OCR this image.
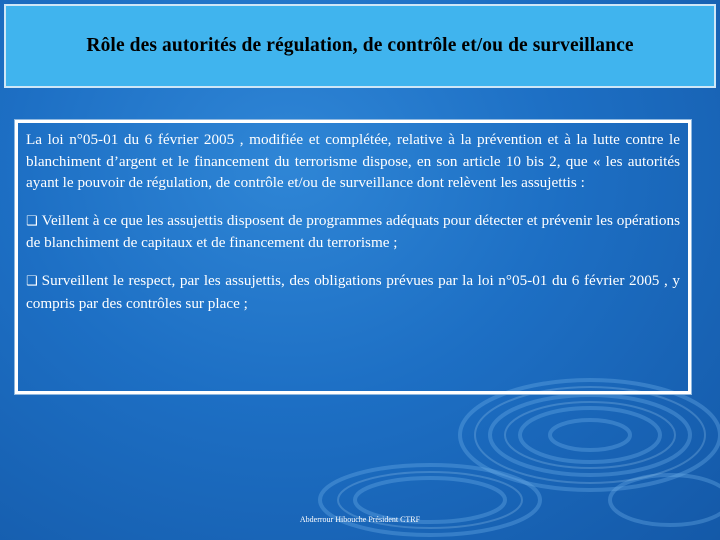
Rôle des autorités de régulation, de contrôle et/ou de surveillance

La loi n°05-01 du 6 février 2005 , modifiée et complétée, relative à la prévention et à la lutte contre le blanchiment d’argent et le financement du terrorisme dispose, en son article 10 bis 2, que « les autorités ayant le pouvoir de régulation, de contrôle et/ou de surveillance dont relèvent les assujettis :

❑ Veillent à ce que les assujettis disposent de programmes adéquats pour détecter et prévenir les opérations de blanchiment de capitaux et de financement du terrorisme ;

❑ Surveillent le respect, par les assujettis, des obligations prévues par la loi n°05-01 du 6 février 2005 , y compris par des contrôles sur place ;

Abderrour Hibouche Président CTRF
